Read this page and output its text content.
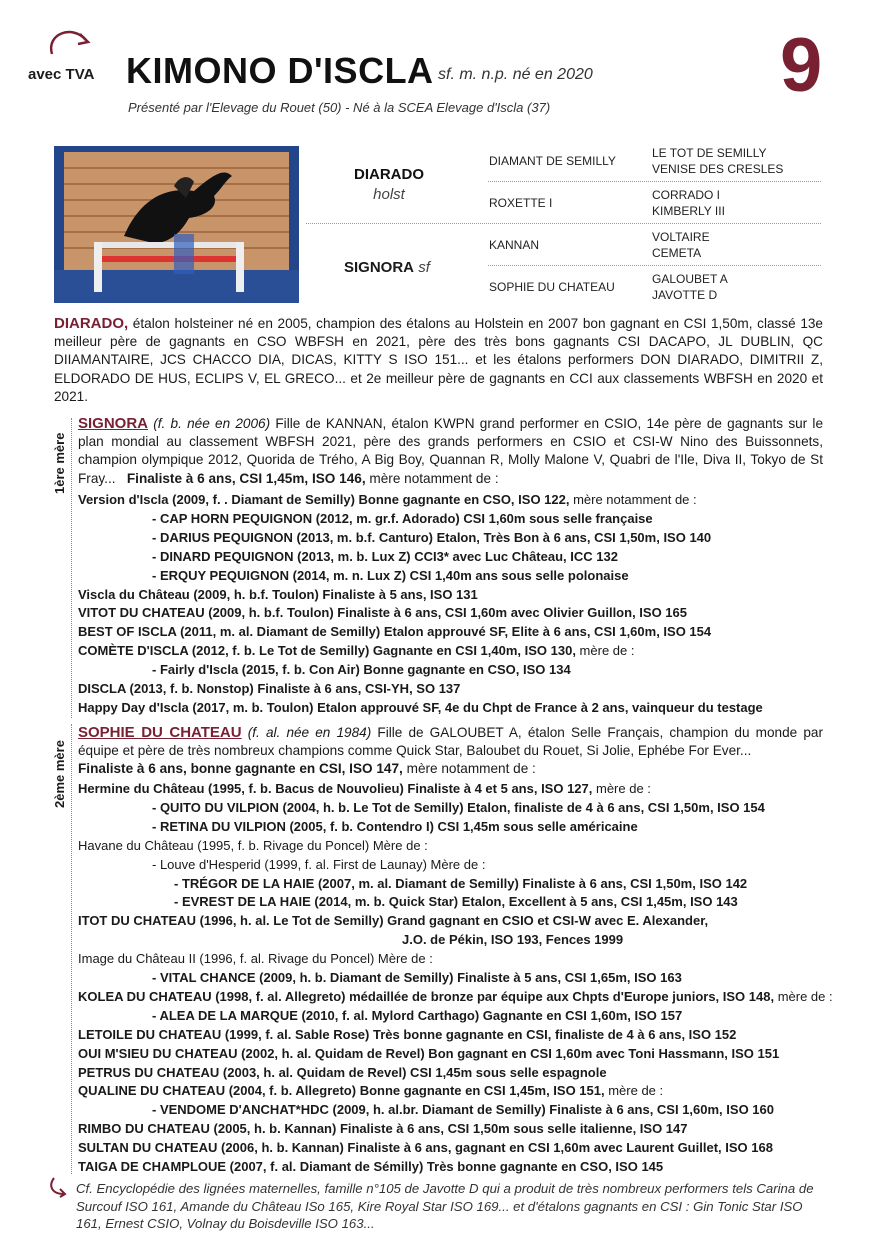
avec TVA KIMONO D'ISCLA sf. m. n.p. né en 2020 9
Présenté par l'Elevage du Rouet (50) - Né à la SCEA Elevage d'Iscla (37)
DIARADO
holst
SIGNORA sf
DIAMANT DE SEMILLY
ROXETTE I
KANNAN
SOPHIE DU CHATEAU
LE TOT DE SEMILLY
VENISE DES CRESLES
CORRADO I
KIMBERLY III
VOLTAIRE
CEMETA
GALOUBET A
JAVOTTE D
DIARADO, étalon holsteiner né en 2005, champion des étalons au Holstein en 2007 bon gagnant en CSI 1,50m, classé 13e meilleur père de gagnants en CSO WBFSH en 2021, père des très bons gagnants CSI DACAPO, JL DUBLIN, QC DIIAMANTAIRE, JCS CHACCO DIA, DICAS, KITTY S ISO 151... et les étalons performers DON DIARADO, DIMITRII Z, ELDORADO DE HUS, ECLIPS V, EL GRECO... et 2e meilleur père de gagnants en CCI aux classements WBFSH en 2020 et 2021.
1ère mère
SIGNORA (f. b. née en 2006) Fille de KANNAN, étalon KWPN grand performer en CSIO, 14e père de gagnants sur le plan mondial au classement WBFSH 2021, père des grands performers en CSIO et CSI-W Nino des Buissonnets, champion olympique 2012, Quorida de Trého, A Big Boy, Quannan R, Molly Malone V, Quabri de l'Ile, Diva II, Tokyo de St Fray... Finaliste à 6 ans, CSI 1,45m, ISO 146, mère notamment de :
Version d'Iscla (2009, f. . Diamant de Semilly) Bonne gagnante en CSO, ISO 122, mère notamment de :
- CAP HORN PEQUIGNON (2012, m. gr.f. Adorado) CSI 1,60m sous selle française
- DARIUS PEQUIGNON (2013, m. b.f. Canturo) Etalon, Très Bon à 6 ans, CSI 1,50m, ISO 140
- DINARD PEQUIGNON (2013, m. b. Lux Z) CCI3* avec Luc Château, ICC 132
- ERQUY PEQUIGNON (2014, m. n. Lux Z) CSI 1,40m ans sous selle polonaise
Viscla du Château (2009, h. b.f. Toulon) Finaliste à 5 ans, ISO 131
VITOT DU CHATEAU (2009, h. b.f. Toulon) Finaliste à 6 ans, CSI 1,60m avec Olivier Guillon, ISO 165
BEST OF ISCLA (2011, m. al. Diamant de Semilly) Etalon approuvé SF, Elite à 6 ans, CSI 1,60m, ISO 154
COMÈTE D'ISCLA (2012, f. b. Le Tot de Semilly) Gagnante en CSI 1,40m, ISO 130, mère de :
- Fairly d'Iscla (2015, f. b. Con Air) Bonne gagnante en CSO, ISO 134
DISCLA (2013, f. b. Nonstop) Finaliste à 6 ans, CSI-YH, SO 137
Happy Day d'Iscla (2017, m. b. Toulon) Etalon approuvé SF, 4e du Chpt de France à 2 ans, vainqueur du testage
2ème mère
SOPHIE DU CHATEAU (f. al. née en 1984) Fille de GALOUBET A, étalon Selle Français, champion du monde par équipe et père de très nombreux champions comme Quick Star, Baloubet du Rouet, Si Jolie, Ephébe For Ever...
Finaliste à 6 ans, bonne gagnante en CSI, ISO 147, mère notamment de :
Hermine du Château (1995, f. b. Bacus de Nouvolieu) Finaliste à 4 et 5 ans, ISO 127, mère de :
- QUITO DU VILPION (2004, h. b. Le Tot de Semilly) Etalon, finaliste de 4 à 6 ans, CSI 1,50m, ISO 154
- RETINA DU VILPION (2005, f. b. Contendro I) CSI 1,45m sous selle américaine
Havane du Château (1995, f. b. Rivage du Poncel) Mère de :
- Louve d'Hesperid (1999, f. al. First de Launay) Mère de :
- TRÉGOR DE LA HAIE (2007, m. al. Diamant de Semilly) Finaliste à 6 ans, CSI 1,50m, ISO 142
- EVREST DE LA HAIE (2014, m. b. Quick Star) Etalon, Excellent à 5 ans, CSI 1,45m, ISO 143
ITOT DU CHATEAU (1996, h. al. Le Tot de Semilly) Grand gagnant en CSIO et CSI-W avec E. Alexander,
J.O. de Pékin, ISO 193, Fences 1999
Image du Château II (1996, f. al. Rivage du Poncel) Mère de :
- VITAL CHANCE (2009, h. b. Diamant de Semilly) Finaliste à 5 ans, CSI 1,65m, ISO 163
KOLEA DU CHATEAU (1998, f. al. Allegreto) médaillée de bronze par équipe aux Chpts d'Europe juniors, ISO 148, mère de :
- ALEA DE LA MARQUE (2010, f. al. Mylord Carthago) Gagnante en CSI 1,60m, ISO 157
LETOILE DU CHATEAU (1999, f. al. Sable Rose) Très bonne gagnante en CSI, finaliste de 4 à 6 ans, ISO 152
OUI M'SIEU DU CHATEAU (2002, h. al. Quidam de Revel) Bon gagnant en CSI 1,60m avec Toni Hassmann, ISO 151
PETRUS DU CHATEAU (2003, h. al. Quidam de Revel) CSI 1,45m sous selle espagnole
QUALINE DU CHATEAU (2004, f. b. Allegreto) Bonne gagnante en CSI 1,45m, ISO 151, mère de :
- VENDOME D'ANCHAT*HDC (2009, h. al.br. Diamant de Semilly) Finaliste à 6 ans, CSI 1,60m, ISO 160
RIMBO DU CHATEAU (2005, h. b. Kannan) Finaliste à 6 ans, CSI 1,50m sous selle italienne, ISO 147
SULTAN DU CHATEAU (2006, h. b. Kannan) Finaliste à 6 ans, gagnant en CSI 1,60m avec Laurent Guillet, ISO 168
TAIGA DE CHAMPLOUE (2007, f. al. Diamant de Sémilly) Très bonne gagnante en CSO, ISO 145
Cf. Encyclopédie des lignées maternelles, famille n°105 de Javotte D qui a produit de très nombreux performers tels Carina de Surcouf ISO 161, Amande du Château ISo 165, Kire Royal Star ISO 169... et d'étalons gagnants en CSI : Gin Tonic Star ISO 161, Ernest CSIO, Volnay du Boisdeville ISO 163...
